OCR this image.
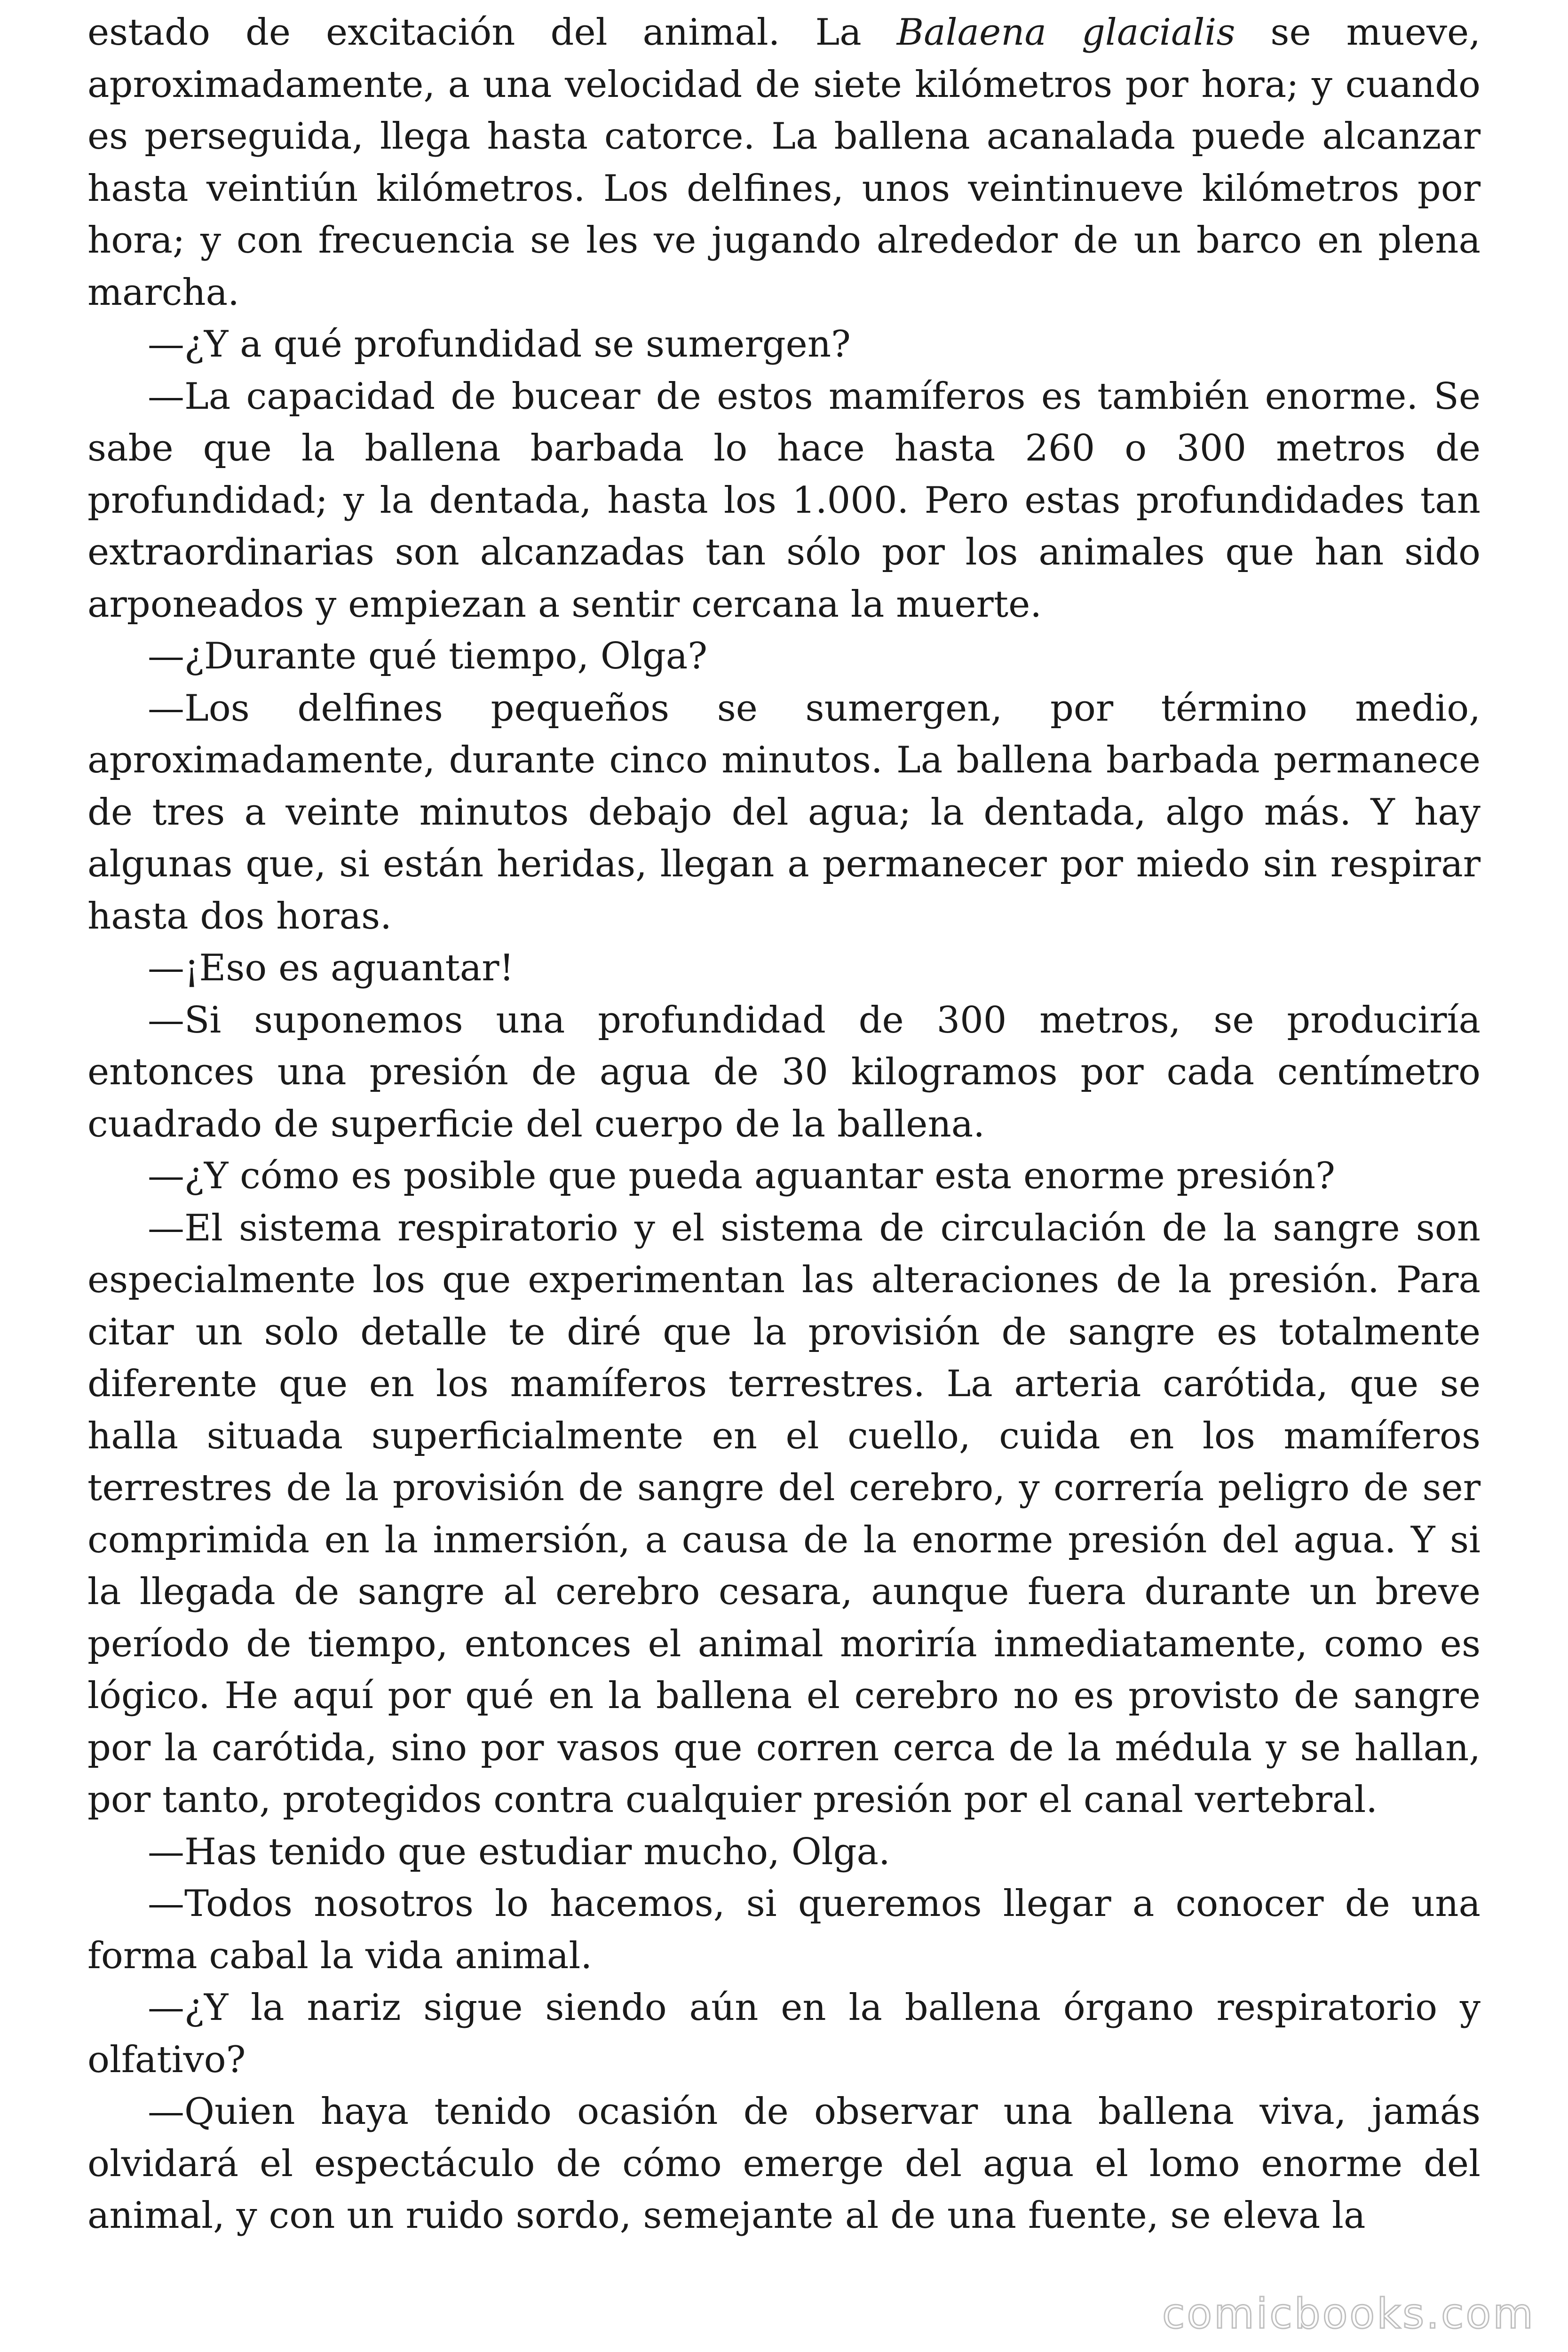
estado de excitación del animal. La Balaena glacialis se mueve, aproximadamente, a una velocidad de siete kilómetros por hora; y cuando es perseguida, llega hasta catorce. La ballena acanalada puede alcanzar hasta veintiún kilómetros. Los delfines, unos veintinueve kilómetros por hora; y con frecuencia se les ve jugando alrededor de un barco en plena marcha.

—¿Y a qué profundidad se sumergen?

—La capacidad de bucear de estos mamíferos es también enorme. Se sabe que la ballena barbada lo hace hasta 260 o 300 metros de profundidad; y la dentada, hasta los 1.000. Pero estas profundidades tan extraordinarias son alcanzadas tan sólo por los animales que han sido arponeados y empiezan a sentir cercana la muerte.

—¿Durante qué tiempo, Olga?

—Los delfines pequeños se sumergen, por término medio, aproximadamente, durante cinco minutos. La ballena barbada permanece de tres a veinte minutos debajo del agua; la dentada, algo más. Y hay algunas que, si están heridas, llegan a permanecer por miedo sin respirar hasta dos horas.

—¡Eso es aguantar!

—Si suponemos una profundidad de 300 metros, se produciría entonces una presión de agua de 30 kilogramos por cada centímetro cuadrado de superficie del cuerpo de la ballena.

—¿Y cómo es posible que pueda aguantar esta enorme presión?

—El sistema respiratorio y el sistema de circulación de la sangre son especialmente los que experimentan las alteraciones de la presión. Para citar un solo detalle te diré que la provisión de sangre es totalmente diferente que en los mamíferos terrestres. La arteria carótida, que se halla situada superficialmente en el cuello, cuida en los mamíferos terrestres de la provisión de sangre del cerebro, y correría peligro de ser comprimida en la inmersión, a causa de la enorme presión del agua. Y si la llegada de sangre al cerebro cesara, aunque fuera durante un breve período de tiempo, entonces el animal moriría inmediatamente, como es lógico. He aquí por qué en la ballena el cerebro no es provisto de sangre por la carótida, sino por vasos que corren cerca de la médula y se hallan, por tanto, protegidos contra cualquier presión por el canal vertebral.

—Has tenido que estudiar mucho, Olga.

—Todos nosotros lo hacemos, si queremos llegar a conocer de una forma cabal la vida animal.

—¿Y la nariz sigue siendo aún en la ballena órgano respiratorio y olfativo?

—Quien haya tenido ocasión de observar una ballena viva, jamás olvidará el espectáculo de cómo emerge del agua el lomo enorme del animal, y con un ruido sordo, semejante al de una fuente, se eleva la

comicbooks.com
